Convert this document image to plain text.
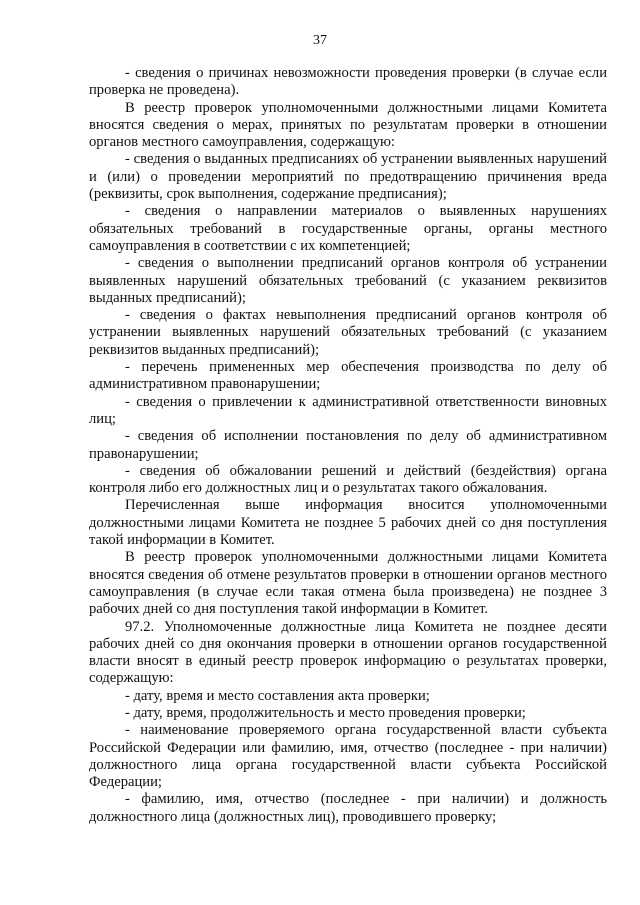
37

- сведения о причинах невозможности проведения проверки (в случае если проверка не проведена).

В реестр проверок уполномоченными должностными лицами Комитета вносятся сведения о мерах, принятых по результатам проверки в отношении органов местного самоуправления, содержащую:

- сведения о выданных предписаниях об устранении выявленных нарушений и (или) о проведении мероприятий по предотвращению причинения вреда (реквизиты, срок выполнения, содержание предписания);

- сведения о направлении материалов о выявленных нарушениях обязательных требований в государственные органы, органы местного самоуправления в соответствии с их компетенцией;

- сведения о выполнении предписаний органов контроля об устранении выявленных нарушений обязательных требований (с указанием реквизитов выданных предписаний);

- сведения о фактах невыполнения предписаний органов контроля об устранении выявленных нарушений обязательных требований (с указанием реквизитов выданных предписаний);

- перечень примененных мер обеспечения производства по делу об административном правонарушении;

- сведения о привлечении к административной ответственности виновных лиц;

- сведения об исполнении постановления по делу об административном правонарушении;

- сведения об обжаловании решений и действий (бездействия) органа контроля либо его должностных лиц и о результатах такого обжалования.

Перечисленная выше информация вносится уполномоченными должностными лицами Комитета не позднее 5 рабочих дней со дня поступления такой информации в Комитет.

В реестр проверок уполномоченными должностными лицами Комитета вносятся сведения об отмене результатов проверки в отношении органов местного самоуправления (в случае если такая отмена была произведена) не позднее 3 рабочих дней со дня поступления такой информации в Комитет.

97.2. Уполномоченные должностные лица Комитета не позднее десяти рабочих дней со дня окончания проверки в отношении органов государственной власти вносят в единый реестр проверок информацию о результатах проверки, содержащую:

- дату, время и место составления акта проверки;

- дату, время, продолжительность и место проведения проверки;

- наименование проверяемого органа государственной власти субъекта Российской Федерации или фамилию, имя, отчество (последнее - при наличии) должностного лица органа государственной власти субъекта Российской Федерации;

- фамилию, имя, отчество (последнее - при наличии) и должность должностного лица (должностных лиц), проводившего проверку;
